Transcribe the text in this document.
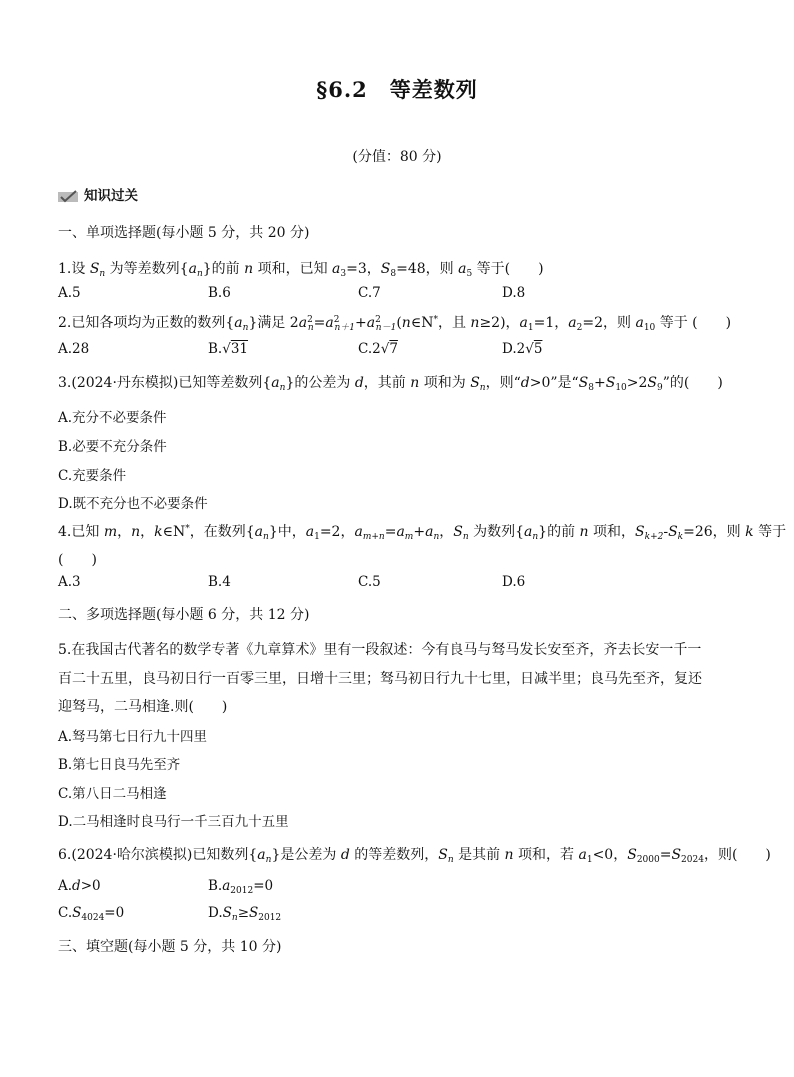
§6.2　等差数列
(分值：80 分)
知识过关
一、单项选择题(每小题 5 分，共 20 分)
1.设 $S_n$ 为等差数列$\{a_n\}$的前 n 项和，已知 $a_3=3$，$S_8=48$，则 $a_5$ 等于(　　)
A.5	B.6	C.7	D.8
2.已知各项均为正数的数列$\{a_n\}$满足 $2a^2_n=a^2_{n+1}+a^2_{n-1}(n\in N^*$，且 n≥2)，$a_1=1$，$a_2=2$，则 $a_{10}$ 等于 (　　)
A.28	B.√31	C.2√7	D.2√5
3.(2024·丹东模拟)已知等差数列$\{a_n\}$的公差为 d，其前 n 项和为 $S_n$，则“d>0”是“$S_8+S_{10}>2S_9$”的(　　)
A.充分不必要条件
B.必要不充分条件
C.充要条件
D.既不充分也不必要条件
4.已知 m，n，k∈N*，在数列$\{a_n\}$中，$a_1=2$，$a_{m+n}=a_m+a_n$，$S_n$ 为数列$\{a_n\}$的前 n 项和，$S_{k+2}-S_k=26$，则 k 等于
(　　)
A.3	B.4	C.5	D.6
二、多项选择题(每小题 6 分，共 12 分)
5.在我国古代著名的数学专著《九章算术》里有一段叙述：今有良马与驽马发长安至齐，齐去长安一千一
百二十五里，良马初日行一百零三里，日增十三里；驽马初日行九十七里，日减半里；良马先至齐，复还
迎驽马，二马相逢.则(　　)
A.驽马第七日行九十四里
B.第七日良马先至齐
C.第八日二马相逢
D.二马相逢时良马行一千三百九十五里
6.(2024·哈尔滨模拟)已知数列$\{a_n\}$是公差为 d 的等差数列，$S_n$ 是其前 n 项和，若 $a_1<0$，$S_{2000}=S_{2024}$，则(　　)
A.d>0	$B.a_{2012}=0$
$C.S_{4024}=0$	$D.S_n\ge S_{2012}$
三、填空题(每小题 5 分，共 10 分)
